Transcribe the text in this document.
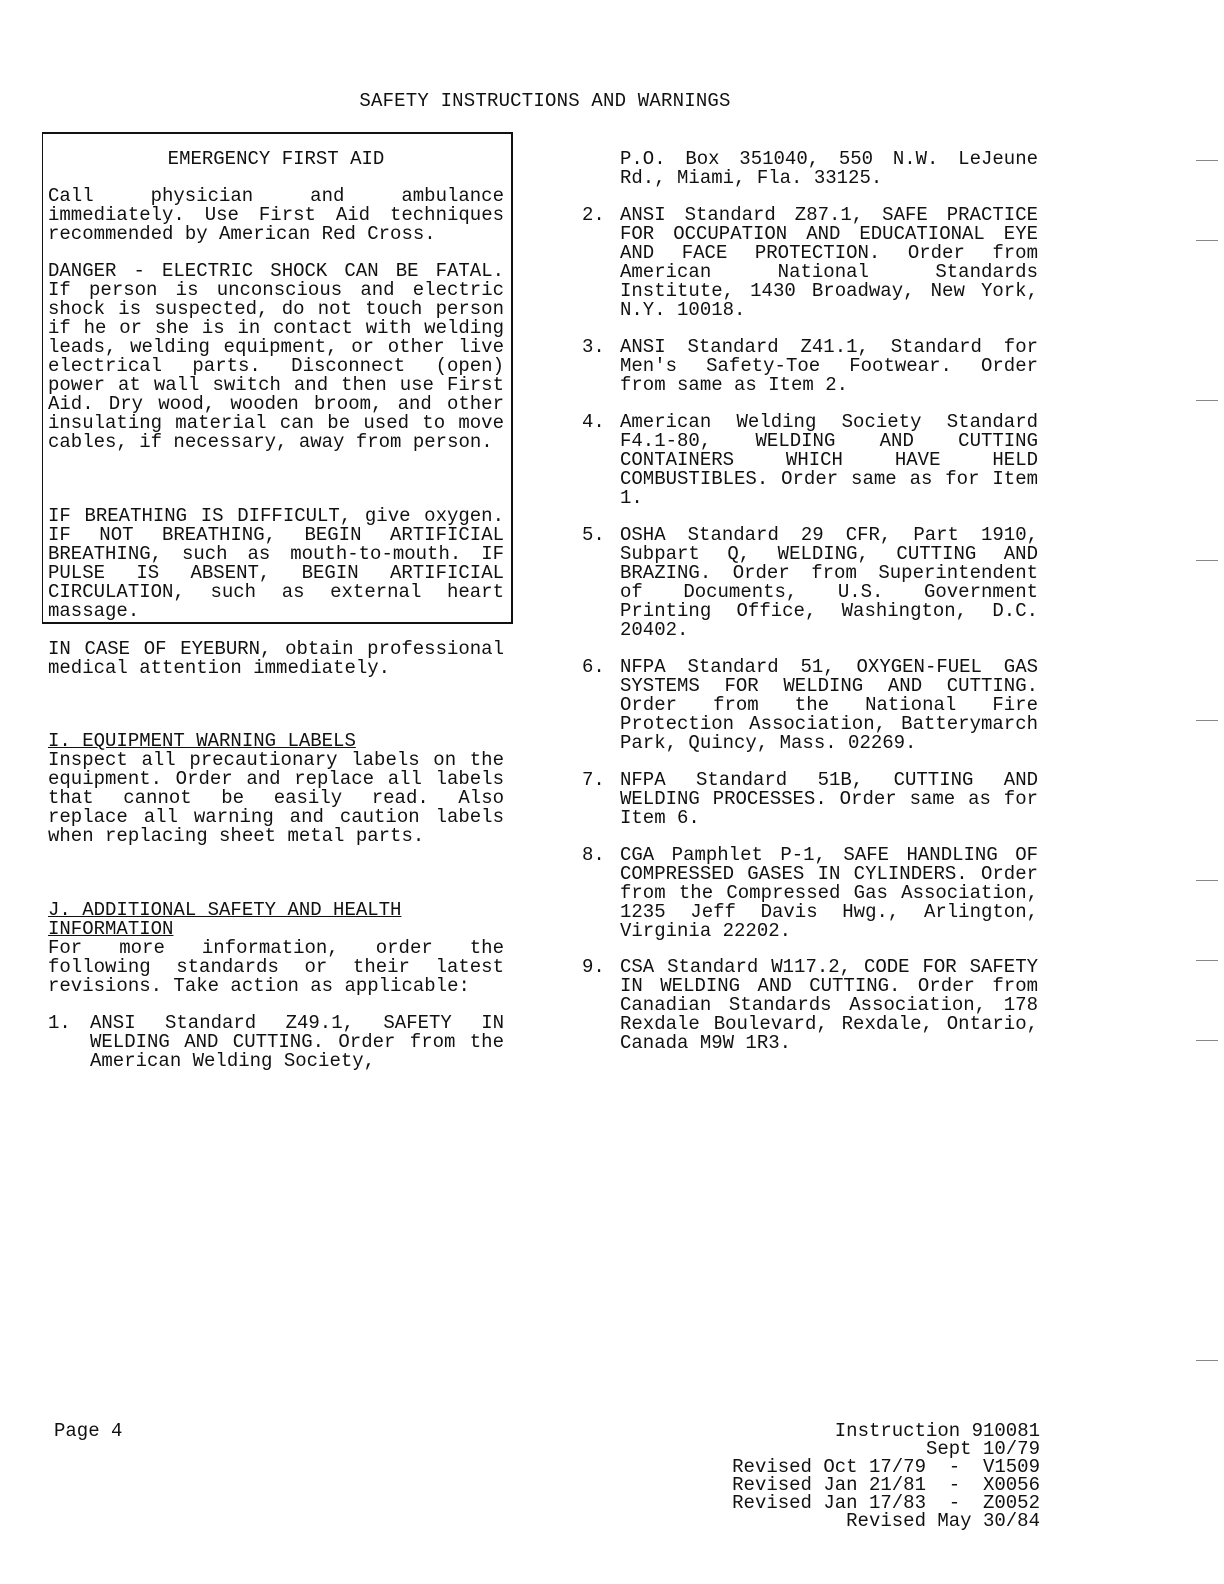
SAFETY INSTRUCTIONS AND WARNINGS
EMERGENCY FIRST AID
Call physician and ambulance immediately. Use First Aid techniques recommended by American Red Cross.
DANGER - ELECTRIC SHOCK CAN BE FATAL. If person is unconscious and electric shock is suspected, do not touch person if he or she is in contact with welding leads, welding equipment, or other live electrical parts. Disconnect (open) power at wall switch and then use First Aid. Dry wood, wooden broom, and other insulating material can be used to move cables, if necessary, away from person.
IF BREATHING IS DIFFICULT, give oxygen. IF NOT BREATHING, BEGIN ARTIFICIAL BREATHING, such as mouth-to-mouth. IF PULSE IS ABSENT, BEGIN ARTIFICIAL CIRCULATION, such as external heart massage.
IN CASE OF EYEBURN, obtain professional medical attention immediately.
I. EQUIPMENT WARNING LABELS
Inspect all precautionary labels on the equipment. Order and replace all labels that cannot be easily read. Also replace all warning and caution labels when replacing sheet metal parts.
J. ADDITIONAL SAFETY AND HEALTH INFORMATION
For more information, order the following standards or their latest revisions. Take action as applicable:
1. ANSI Standard Z49.1, SAFETY IN WELDING AND CUTTING. Order from the American Welding Society,
P.O. Box 351040, 550 N.W. LeJeune Rd., Miami, Fla. 33125.
2. ANSI Standard Z87.1, SAFE PRACTICE FOR OCCUPATION AND EDUCATIONAL EYE AND FACE PROTECTION. Order from American National Standards Institute, 1430 Broadway, New York, N.Y. 10018.
3. ANSI Standard Z41.1, Standard for Men's Safety-Toe Footwear. Order from same as Item 2.
4. American Welding Society Standard F4.1-80, WELDING AND CUTTING CONTAINERS WHICH HAVE HELD COMBUSTIBLES. Order same as for Item 1.
5. OSHA Standard 29 CFR, Part 1910, Subpart Q, WELDING, CUTTING AND BRAZING. Order from Superintendent of Documents, U.S. Government Printing Office, Washington, D.C. 20402.
6. NFPA Standard 51, OXYGEN-FUEL GAS SYSTEMS FOR WELDING AND CUTTING. Order from the National Fire Protection Association, Batterymarch Park, Quincy, Mass. 02269.
7. NFPA Standard 51B, CUTTING AND WELDING PROCESSES. Order same as for Item 6.
8. CGA Pamphlet P-1, SAFE HANDLING OF COMPRESSED GASES IN CYLINDERS. Order from the Compressed Gas Association, 1235 Jeff Davis Hwg., Arlington, Virginia 22202.
9. CSA Standard W117.2, CODE FOR SAFETY IN WELDING AND CUTTING. Order from Canadian Standards Association, 178 Rexdale Boulevard, Rexdale, Ontario, Canada M9W 1R3.
Page 4	Instruction 910081
Sept 10/79
Revised Oct 17/79  -  V1509
Revised Jan 21/81  -  X0056
Revised Jan 17/83  -  Z0052
Revised May 30/84
